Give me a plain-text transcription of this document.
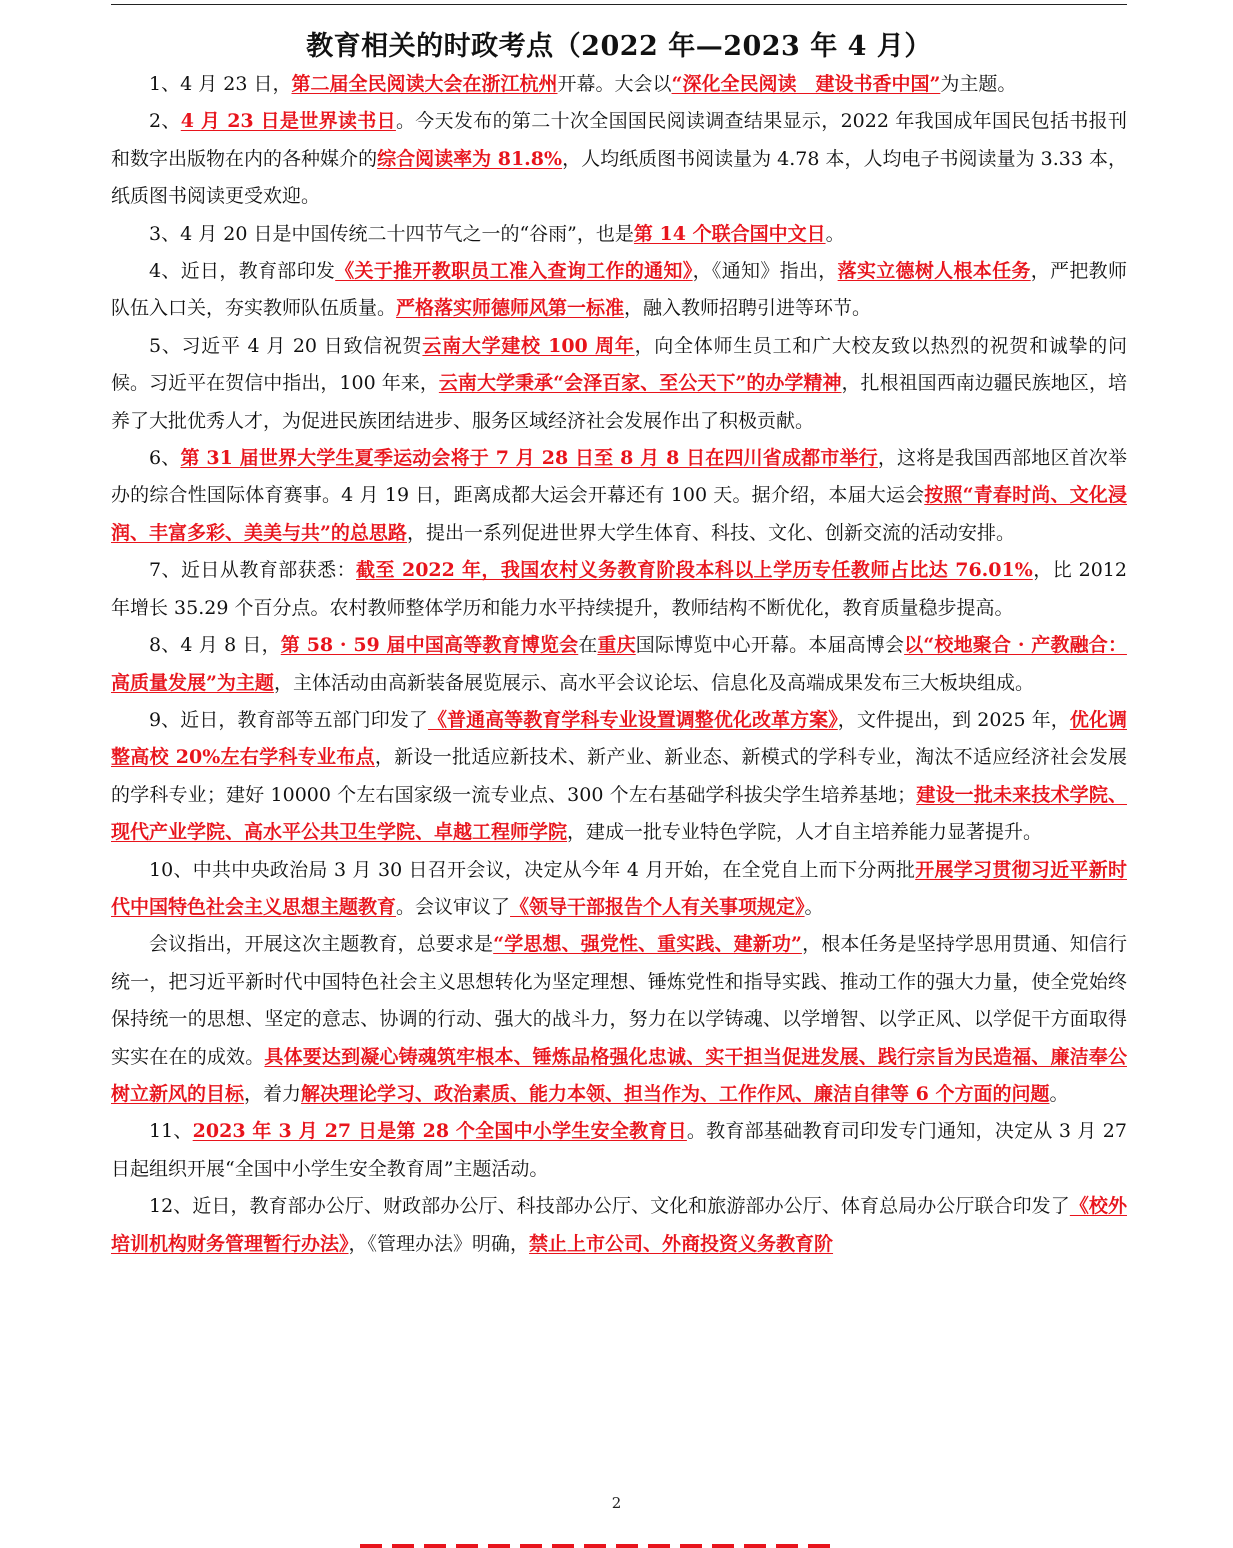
教育相关的时政考点（2022 年—2023 年 4 月）

1、4 月 23 日，第二届全民阅读大会在浙江杭州开幕。大会以“深化全民阅读　建设书香中国”为主题。

2、4 月 23 日是世界读书日。今天发布的第二十次全国国民阅读调查结果显示，2022 年我国成年国民包括书报刊和数字出版物在内的各种媒介的综合阅读率为 81.8%，人均纸质图书阅读量为 4.78 本，人均电子书阅读量为 3.33 本，纸质图书阅读更受欢迎。

3、4 月 20 日是中国传统二十四节气之一的“谷雨”，也是第 14 个联合国中文日。

4、近日，教育部印发《关于推开教职员工准入查询工作的通知》，《通知》指出，落实立德树人根本任务，严把教师队伍入口关，夯实教师队伍质量。严格落实师德师风第一标准，融入教师招聘引进等环节。

5、习近平 4 月 20 日致信祝贺云南大学建校 100 周年，向全体师生员工和广大校友致以热烈的祝贺和诚挚的问候。习近平在贺信中指出，100 年来，云南大学秉承“会泽百家、至公天下”的办学精神，扎根祖国西南边疆民族地区，培养了大批优秀人才，为促进民族团结进步、服务区域经济社会发展作出了积极贡献。

6、第 31 届世界大学生夏季运动会将于 7 月 28 日至 8 月 8 日在四川省成都市举行，这将是我国西部地区首次举办的综合性国际体育赛事。4 月 19 日，距离成都大运会开幕还有 100 天。据介绍，本届大运会按照“青春时尚、文化浸润、丰富多彩、美美与共”的总思路，提出一系列促进世界大学生体育、科技、文化、创新交流的活动安排。

7、近日从教育部获悉：截至 2022 年，我国农村义务教育阶段本科以上学历专任教师占比达 76.01%，比 2012 年增长 35.29 个百分点。农村教师整体学历和能力水平持续提升，教师结构不断优化，教育质量稳步提高。

8、4 月 8 日，第 58 · 59 届中国高等教育博览会在重庆国际博览中心开幕。本届高博会以“校地聚合 · 产教融合：高质量发展”为主题，主体活动由高新装备展览展示、高水平会议论坛、信息化及高端成果发布三大板块组成。

9、近日，教育部等五部门印发了《普通高等教育学科专业设置调整优化改革方案》，文件提出，到 2025 年，优化调整高校 20%左右学科专业布点，新设一批适应新技术、新产业、新业态、新模式的学科专业，淘汰不适应经济社会发展的学科专业；建好 10000 个左右国家级一流专业点、300 个左右基础学科拔尖学生培养基地；建设一批未来技术学院、现代产业学院、高水平公共卫生学院、卓越工程师学院，建成一批专业特色学院，人才自主培养能力显著提升。

10、中共中央政治局 3 月 30 日召开会议，决定从今年 4 月开始，在全党自上而下分两批开展学习贯彻习近平新时代中国特色社会主义思想主题教育。会议审议了《领导干部报告个人有关事项规定》。

会议指出，开展这次主题教育，总要求是“学思想、强党性、重实践、建新功”，根本任务是坚持学思用贯通、知信行统一，把习近平新时代中国特色社会主义思想转化为坚定理想、锤炼党性和指导实践、推动工作的强大力量，使全党始终保持统一的思想、坚定的意志、协调的行动、强大的战斗力，努力在以学铸魂、以学增智、以学正风、以学促干方面取得实实在在的成效。具体要达到凝心铸魂筑牢根本、锤炼品格强化忠诚、实干担当促进发展、践行宗旨为民造福、廉洁奉公树立新风的目标，着力解决理论学习、政治素质、能力本领、担当作为、工作作风、廉洁自律等 6 个方面的问题。

11、2023 年 3 月 27 日是第 28 个全国中小学生安全教育日。教育部基础教育司印发专门通知，决定从 3 月 27 日起组织开展“全国中小学生安全教育周”主题活动。

12、近日，教育部办公厅、财政部办公厅、科技部办公厅、文化和旅游部办公厅、体育总局办公厅联合印发了《校外培训机构财务管理暂行办法》，《管理办法》明确，禁止上市公司、外商投资义务教育阶

2
